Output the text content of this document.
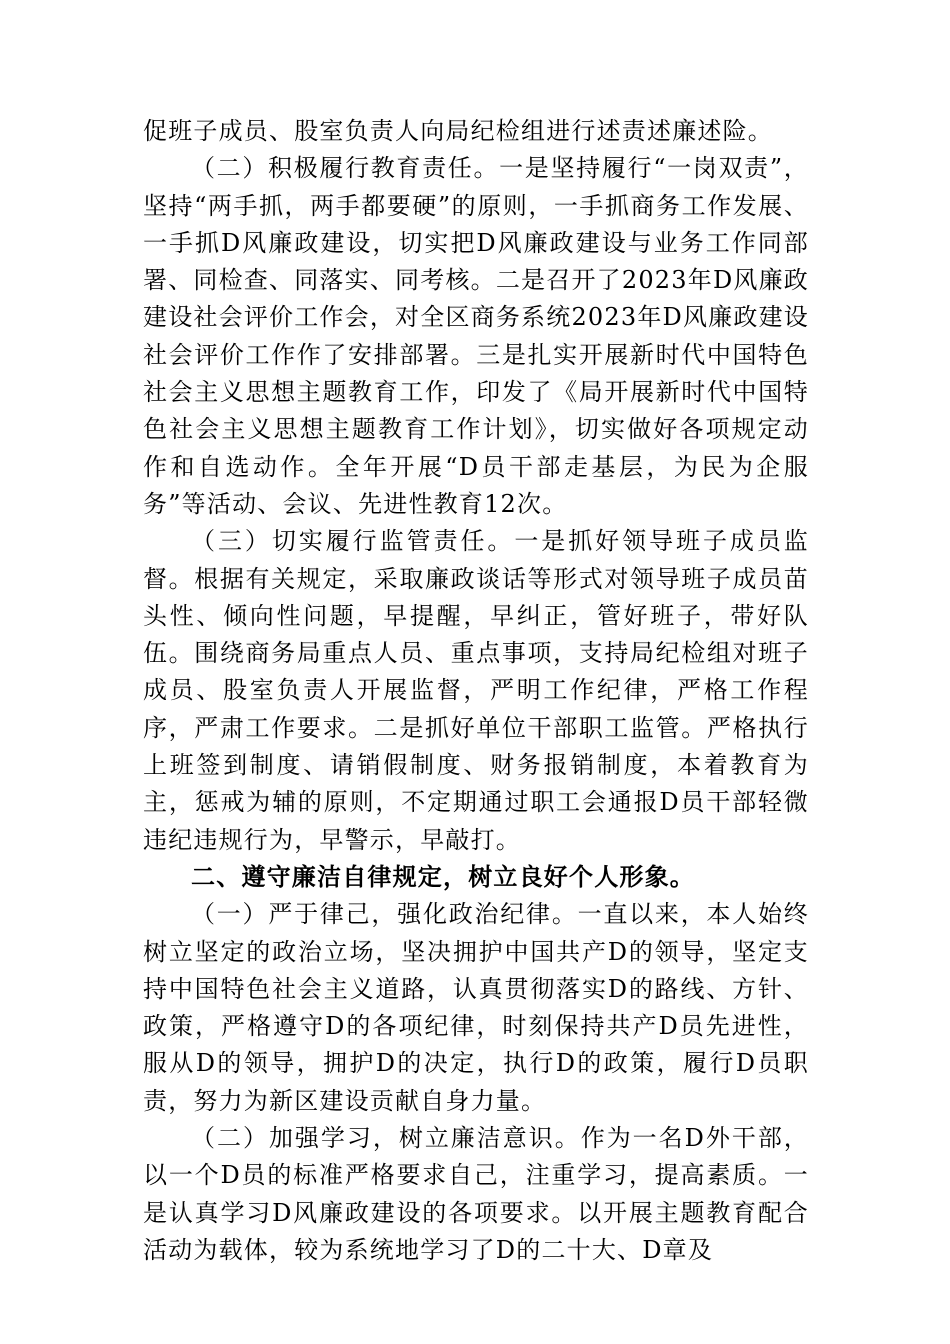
促班子成员、股室负责人向局纪检组进行述责述廉述险。

（二）积极履行教育责任。一是坚持履行“一岗双责”，坚持“两手抓，两手都要硬”的原则，一手抓商务工作发展、一手抓D风廉政建设，切实把D风廉政建设与业务工作同部署、同检查、同落实、同考核。二是召开了2023年D风廉政建设社会评价工作会，对全区商务系统2023年D风廉政建设社会评价工作作了安排部署。三是扎实开展新时代中国特色社会主义思想主题教育工作，印发了《局开展新时代中国特色社会主义思想主题教育工作计划》，切实做好各项规定动作和自选动作。全年开展“D员干部走基层，为民为企服务”等活动、会议、先进性教育12次。

（三）切实履行监管责任。一是抓好领导班子成员监督。根据有关规定，采取廉政谈话等形式对领导班子成员苗头性、倾向性问题，早提醒，早纠正，管好班子，带好队伍。围绕商务局重点人员、重点事项，支持局纪检组对班子成员、股室负责人开展监督，严明工作纪律，严格工作程序，严肃工作要求。二是抓好单位干部职工监管。严格执行上班签到制度、请销假制度、财务报销制度，本着教育为主，惩戒为辅的原则，不定期通过职工会通报D员干部轻微违纪违规行为，早警示，早敲打。

二、遵守廉洁自律规定，树立良好个人形象。

（一）严于律己，强化政治纪律。一直以来，本人始终树立坚定的政治立场，坚决拥护中国共产D的领导，坚定支持中国特色社会主义道路，认真贯彻落实D的路线、方针、政策，严格遵守D的各项纪律，时刻保持共产D员先进性，服从D的领导，拥护D的决定，执行D的政策，履行D员职责，努力为新区建设贡献自身力量。

（二）加强学习，树立廉洁意识。作为一名D外干部，以一个D员的标准严格要求自己，注重学习，提高素质。一是认真学习D风廉政建设的各项要求。以开展主题教育配合活动为载体，较为系统地学习了D的二十大、D章及
